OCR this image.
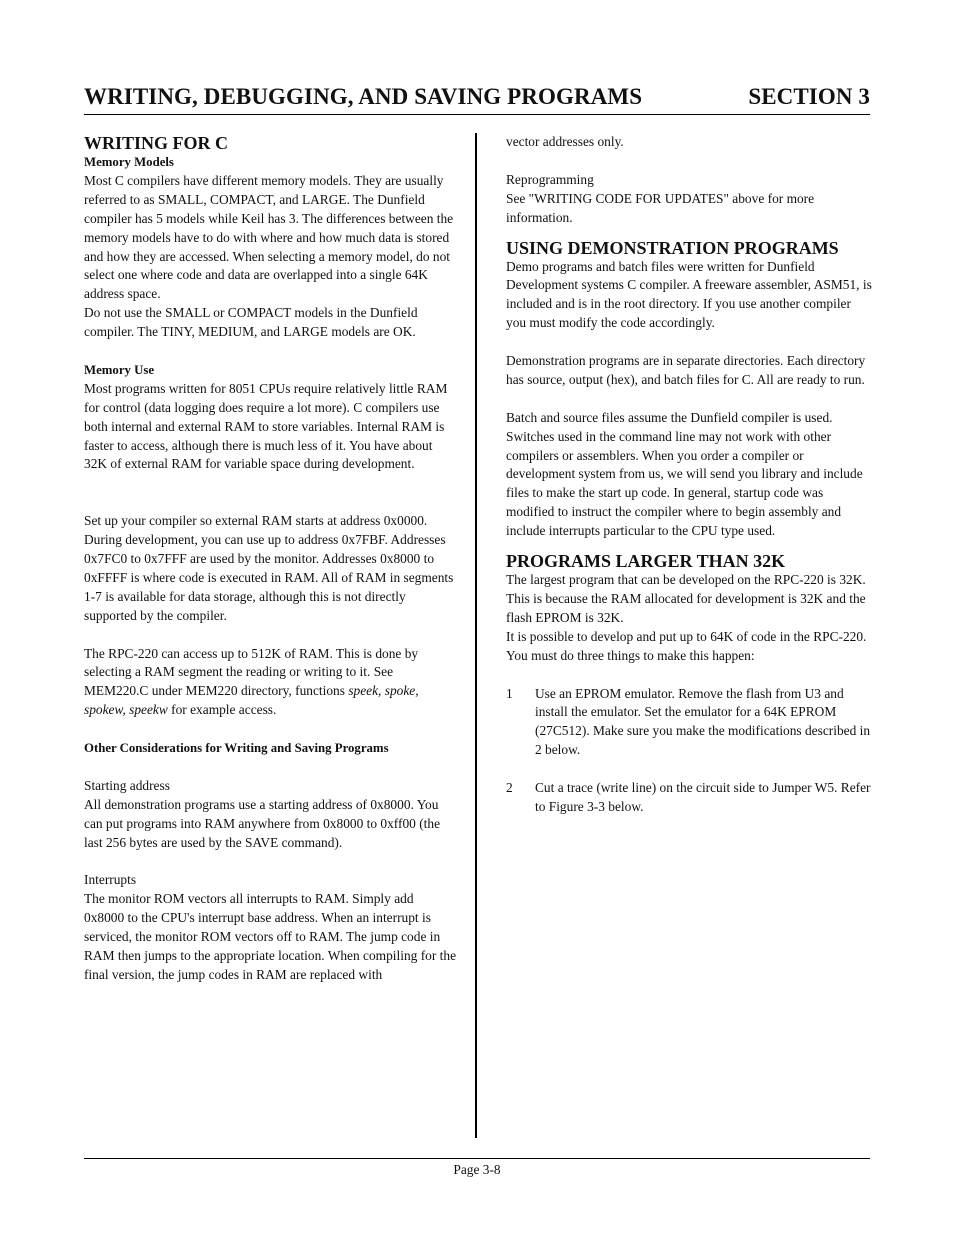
WRITING, DEBUGGING, AND SAVING PROGRAMS	SECTION 3
WRITING FOR C
Memory Models

Most C compilers have different memory models. They are usually referred to as SMALL, COMPACT, and LARGE. The Dunfield compiler has 5 models while Keil has 3. The differences between the memory models have to do with where and how much data is stored and how they are accessed. When selecting a memory model, do not select one where code and data are overlapped into a single 64K address space.

Do not use the SMALL or COMPACT models in the Dunfield compiler. The TINY, MEDIUM, and LARGE models are OK.

Memory Use

Most programs written for 8051 CPUs require relatively little RAM for control (data logging does require a lot more). C compilers use both internal and external RAM to store variables. Internal RAM is faster to access, although there is much less of it. You have about 32K of external RAM for variable space during development.

Set up your compiler so external RAM starts at address 0x0000. During development, you can use up to address 0x7FBF. Addresses 0x7FC0 to 0x7FFF are used by the monitor. Addresses 0x8000 to 0xFFFF is where code is executed in RAM. All of RAM in segments 1-7 is available for data storage, although this is not directly supported by the compiler.

The RPC-220 can access up to 512K of RAM. This is done by selecting a RAM segment the reading or writing to it. See MEM220.C under MEM220 directory, functions speek, spoke, spokew, speekw for example access.

Other Considerations for Writing and Saving Programs
Starting address

All demonstration programs use a starting address of 0x8000. You can put programs into RAM anywhere from 0x8000 to 0xff00 (the last 256 bytes are used by the SAVE command).

Interrupts

The monitor ROM vectors all interrupts to RAM. Simply add 0x8000 to the CPU's interrupt base address. When an interrupt is serviced, the monitor ROM vectors off to RAM. The jump code in RAM then jumps to the appropriate location. When compiling for the final version, the jump codes in RAM are replaced with

vector addresses only.

Reprogramming

See "WRITING CODE FOR UPDATES" above for more information.

USING DEMONSTRATION PROGRAMS

Demo programs and batch files were written for Dunfield Development systems C compiler. A freeware assembler, ASM51, is included and is in the root directory. If you use another compiler you must modify the code accordingly.

Demonstration programs are in separate directories. Each directory has source, output (hex), and batch files for C. All are ready to run.

Batch and source files assume the Dunfield compiler is used. Switches used in the command line may not work with other compilers or assemblers. When you order a compiler or development system from us, we will send you library and include files to make the start up code. In general, startup code was modified to instruct the compiler where to begin assembly and include interrupts particular to the CPU type used.

PROGRAMS LARGER THAN 32K

The largest program that can be developed on the RPC-220 is 32K. This is because the RAM allocated for development is 32K and the flash EPROM is 32K.

It is possible to develop and put up to 64K of code in the RPC-220. You must do three things to make this happen:

1 Use an EPROM emulator. Remove the flash from U3 and install the emulator. Set the emulator for a 64K EPROM (27C512). Make sure you make the modifications described in 2 below.
2 Cut a trace (write line) on the circuit side to Jumper W5. Refer to Figure 3-3 below.
Page 3-8
